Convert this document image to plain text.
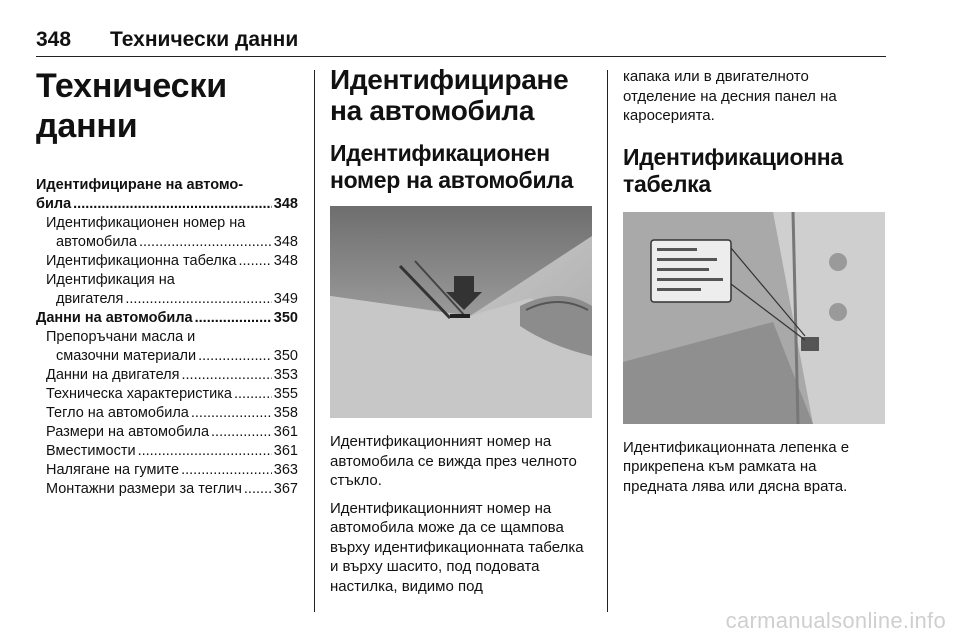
348 Технически данни
Технически данни
Идентифициране на автомо-
била .....	348
Идентификационен номер на
автомобила .....	348
Идентификационна табелка .....	348
Идентификация на
двигателя .....	349
Данни на автомобила .....	350
Препоръчани масла и
смазочни материали .....	350
Данни на двигателя .....	353
Техническа характеристика .....	355
Тегло на автомобила .....	358
Размери на автомобила .....	361
Вместимости .....	361
Налягане на гумите .....	363
Монтажни размери за теглич ..... 367
Идентифициране на автомобила
Идентификационен номер на автомобила

Идентификационният номер на автомобила се вижда през челното стъкло.

Идентификационният номер на автомобила може да се щампова върху идентификационната табелка и върху шасито, под подовата настилка, видимо под

капака или в двигателното отделение на десния панел на каросерията.

Идентификационна табелка

Идентификационната лепенка е прикрепена към рамката на предната лява или дясна врата.

carmanualsonline.info
